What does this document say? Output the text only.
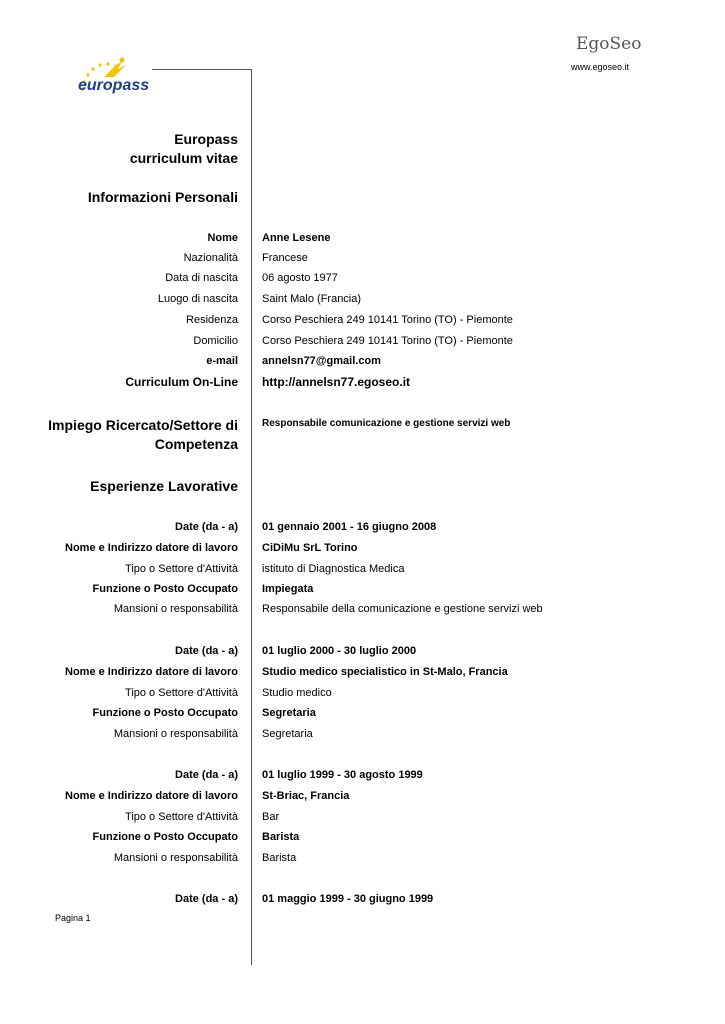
EgoSeo
www.egoseo.it
europass
Europass
curriculum vitae
Informazioni Personali
Nome Anne Lesene
Nazionalità Francese
Data di nascita 06 agosto 1977
Luogo di nascita Saint Malo (Francia)
Residenza Corso Peschiera 249 10141 Torino (TO) - Piemonte
Domicilio Corso Peschiera 249 10141 Torino (TO) - Piemonte
e-mail annelsn77@gmail.com
Curriculum On-Line http://annelsn77.egoseo.it
Impiego Ricercato/Settore di
Competenza
Responsabile comunicazione e gestione servizi web
Esperienze Lavorative
Date (da - a) 01 gennaio 2001 - 16 giugno 2008
Nome e Indirizzo datore di lavoro CiDiMu SrL Torino
Tipo o Settore d'Attività istituto di Diagnostica Medica
Funzione o Posto Occupato Impiegata
Mansioni o responsabilità Responsabile della comunicazione e gestione servizi web
Date (da - a) 01 luglio 2000 - 30 luglio 2000
Nome e Indirizzo datore di lavoro Studio medico specialistico in St-Malo, Francia
Tipo o Settore d'Attività Studio medico
Funzione o Posto Occupato Segretaria
Mansioni o responsabilità Segretaria
Date (da - a) 01 luglio 1999 - 30 agosto 1999
Nome e Indirizzo datore di lavoro St-Briac, Francia
Tipo o Settore d'Attività Bar
Funzione o Posto Occupato Barista
Mansioni o responsabilità Barista
Date (da - a) 01 maggio 1999 - 30 giugno 1999
Pagina 1
